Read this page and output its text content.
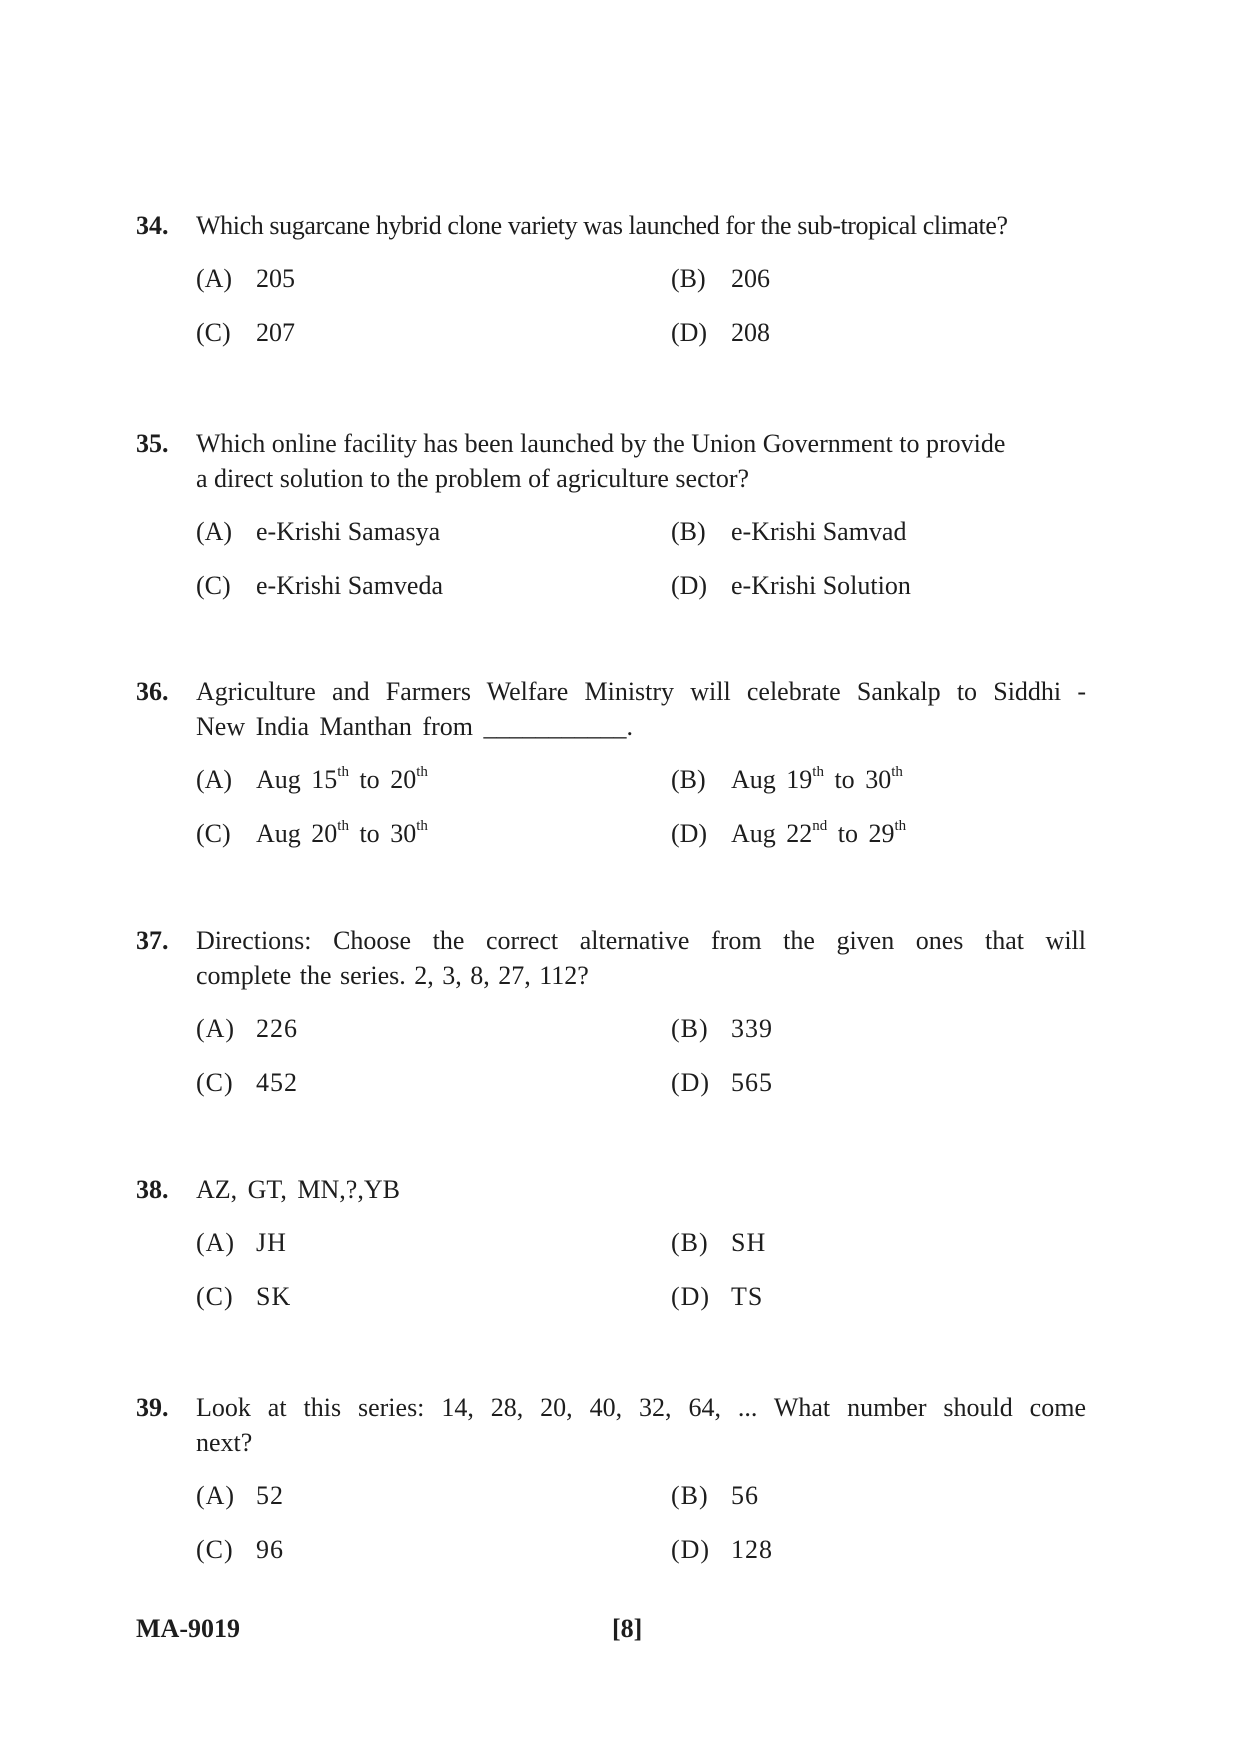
34.	Which sugarcane hybrid clone variety was launched for the sub-tropical climate?
(A) 205	(B) 206
(C) 207	(D) 208
35.	Which online facility has been launched by the Union Government to provide
a direct solution to the problem of agriculture sector?
(A) e-Krishi Samasya	(B) e-Krishi Samvad
(C) e-Krishi Samveda	(D) e-Krishi Solution
36.	Agriculture and Farmers Welfare Ministry will celebrate Sankalp to Siddhi -
New India Manthan from ___________.
(A) Aug 15th to 20th	(B) Aug 19th to 30th
(C) Aug 20th to 30th	(D) Aug 22nd to 29th
37.	Directions: Choose the correct alternative from the given ones that will
complete the series. 2, 3, 8, 27, 112?
(A) 226	(B) 339
(C) 452	(D) 565
38.	AZ, GT, MN,?,YB
(A) JH	(B) SH
(C) SK	(D) TS
39.	Look at this series: 14, 28, 20, 40, 32, 64, ... What number should come
next?
(A) 52	(B) 56
(C) 96	(D) 128
MA-9019	[8]
